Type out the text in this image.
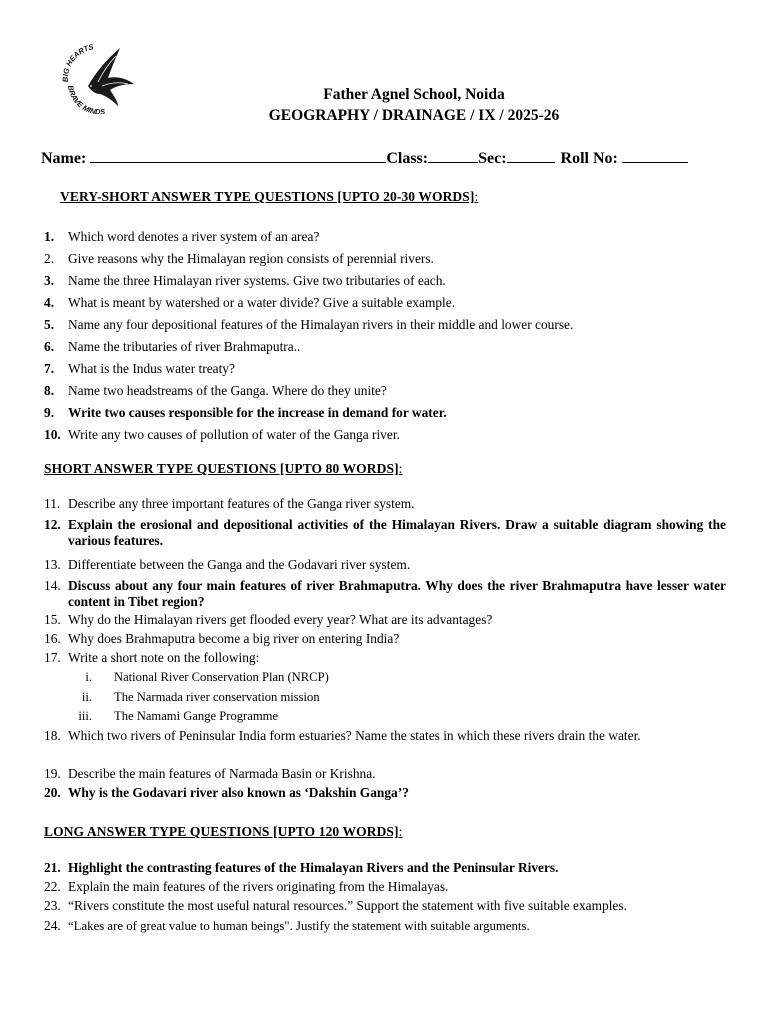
BIG HEARTS
BRAVE MINDS
Father Agnel School, Noida
GEOGRAPHY / DRAINAGE / IX / 2025-26
Name:	Class:	Sec:	Roll No:
VERY-SHORT ANSWER TYPE QUESTIONS [UPTO 20-30 WORDS]:
1. Which word denotes a river system of an area?
2. Give reasons why the Himalayan region consists of perennial rivers.
3. Name the three Himalayan river systems. Give two tributaries of each.
4. What is meant by watershed or a water divide? Give a suitable example.
5. Name any four depositional features of the Himalayan rivers in their middle and lower course.
6. Name the tributaries of river Brahmaputra..
7. What is the Indus water treaty?
8. Name two headstreams of the Ganga. Where do they unite?
9. Write two causes responsible for the increase in demand for water.
10. Write any two causes of pollution of water of the Ganga river.
SHORT ANSWER TYPE QUESTIONS [UPTO 80 WORDS]:
11. Describe any three important features of the Ganga river system.
12. Explain the erosional and depositional activities of the Himalayan Rivers. Draw a suitable diagram showing the various features.
13. Differentiate between the Ganga and the Godavari river system.
14. Discuss about any four main features of river Brahmaputra. Why does the river Brahmaputra have lesser water content in Tibet region?
15. Why do the Himalayan rivers get flooded every year? What are its advantages?
16. Why does Brahmaputra become a big river on entering India?
17. Write a short note on the following:
i. National River Conservation Plan (NRCP)
ii. The Narmada river conservation mission
iii. The Namami Gange Programme
18. Which two rivers of Peninsular India form estuaries? Name the states in which these rivers drain the water.
19. Describe the main features of Narmada Basin or Krishna.
20. Why is the Godavari river also known as ‘Dakshin Ganga’?
LONG ANSWER TYPE QUESTIONS [UPTO 120 WORDS]:
21. Highlight the contrasting features of the Himalayan Rivers and the Peninsular Rivers.
22. Explain the main features of the rivers originating from the Himalayas.
23. “Rivers constitute the most useful natural resources.” Support the statement with five suitable examples.
24. “Lakes are of great value to human beings". Justify the statement with suitable arguments.
